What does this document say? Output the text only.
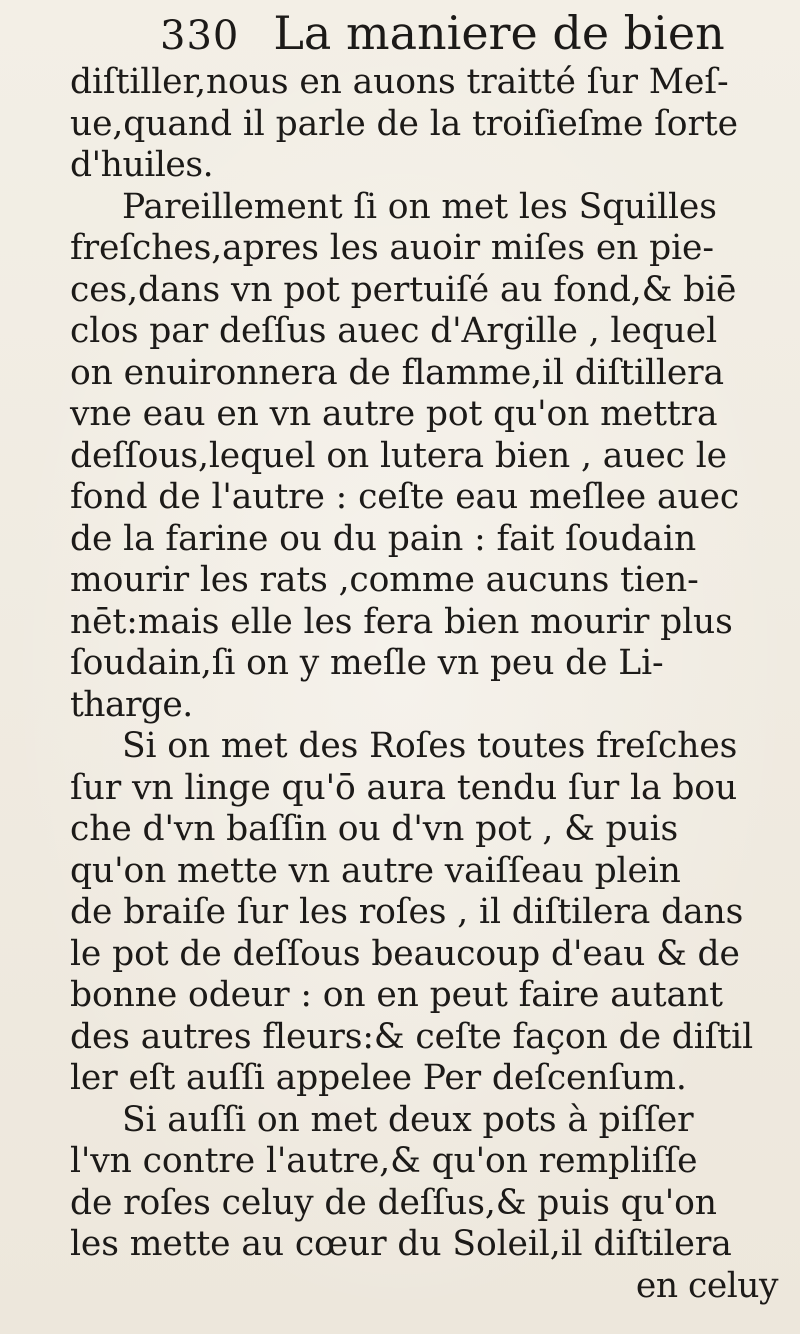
330 La maniere de bien
diſtiller,nous en auons traitté ſur Meſ-
ue,quand il parle de la troiſieſme ſorte
d'huiles.
Pareillement ſi on met les Squilles
freſches,apres les auoir miſes en pie-
ces,dans vn pot pertuiſé au fond,& biē
clos par deſſus auec d'Argille , lequel
on enuironnera de flamme,il diſtillera
vne eau en vn autre pot qu'on mettra
deſſous,lequel on lutera bien , auec le
fond de l'autre : ceſte eau meſlee auec
de la farine ou du pain : fait ſoudain
mourir les rats ,comme aucuns tien-
nēt:mais elle les fera bien mourir plus
ſoudain,ſi on y meſle vn peu de Li-
tharge.
Si on met des Roſes toutes freſches
ſur vn linge qu'ō aura tendu ſur la bou
che d'vn baſſin ou d'vn pot , & puis
qu'on mette vn autre vaiſſeau plein
de braiſe ſur les roſes , il diſtilera dans
le pot de deſſous beaucoup d'eau & de
bonne odeur : on en peut faire autant
des autres fleurs:& ceſte façon de diſtil
ler eſt auſſi appelee Per deſcenſum.
Si auſſi on met deux pots à piſſer
l'vn contre l'autre,& qu'on rempliſſe
de roſes celuy de deſſus,& puis qu'on
les mette au cœur du Soleil,il diſtilera
en celuy
